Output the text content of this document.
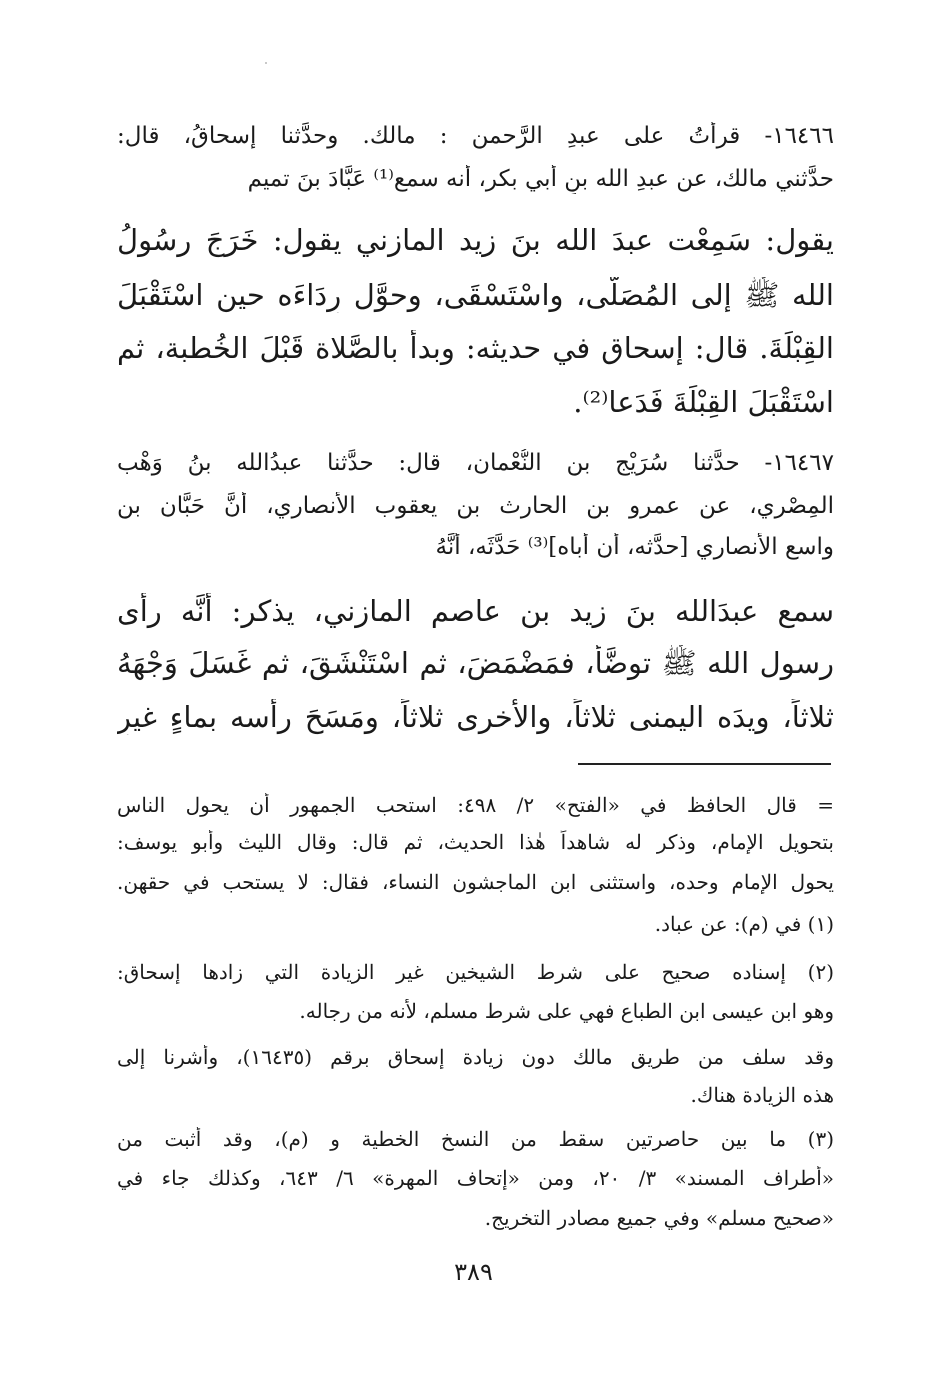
١٦٤٦٦- قرأتُ على عبدِ الرَّحمن : مالك. وحدَّثنا إسحاقُ، قال:
حدَّثني مالك، عن عبدِ الله بنِ أبي بكر، أنه سمع⁽¹⁾ عَبَّادَ بنَ تميم
يقول: سَمِعْت عبدَ الله بنَ زيد المازني يقول: خَرَجَ رسُولُ
الله ﷺ إلى المُصَلَّى، واسْتَسْقَى، وحوَّل رِدَاءَه حين اسْتَقْبَلَ
القِبْلَةَ. قال: إسحاق في حديثه: وبدأ بالصَّلاة قَبْلَ الخُطبة، ثم
اسْتَقْبَلَ القِبْلَةَ فَدَعا⁽²⁾.
١٦٤٦٧- حدَّثنا سُرَيْج بن النُّعْمان، قال: حدَّثنا عبدُالله بنُ وَهْب
المِصْري، عن عمرو بن الحارث بن يعقوب الأنصاري، أَنَّ حَبَّان بن
واسع الأنصاري [حدَّثه، أن أباه]⁽³⁾ حَدَّثَه، أَنَّهُ
سمع عبدَالله بنَ زيد بن عاصم المازني، يذكر: أنَّه رأى
رسول الله ﷺ توضَّأ، فمَضْمَضَ، ثم اسْتَنْشَقَ، ثم غَسَلَ وَجْهَهُ
ثلاثاً، ويدَه اليمنى ثلاثاً، والأخرى ثلاثاً، ومَسَحَ رأسه بماءٍ غيرِ
= قال الحافظ في «الفتح» ٢/ ٤٩٨: استحب الجمهور أن يحول الناس
بتحويل الإمام، وذكر له شاهداً هٰذا الحديث، ثم قال: وقال الليث وأبو يوسف:
يحول الإمام وحده، واستثنى ابن الماجشون النساء، فقال: لا يستحب في حقهن.
(١) في (م): عن عباد.
(٢) إسناده صحيح على شرط الشيخين غير الزيادة التي زادها إسحاق:
وهو ابن عيسى ابن الطباع فهي على شرط مسلم، لأنه من رجاله.
وقد سلف من طريق مالك دون زيادة إسحاق برقم (١٦٤٣٥)، وأشرنا إلى
هذه الزيادة هناك.
(٣) ما بين حاصرتين سقط من النسخ الخطية و (م)، وقد أثبت من
«أطراف المسند» ٣/ ٢٠، ومن «إتحاف المهرة» ٦/ ٦٤٣، وكذلك جاء في
«صحيح مسلم» وفي جميع مصادر التخريج.
٣٨٩
